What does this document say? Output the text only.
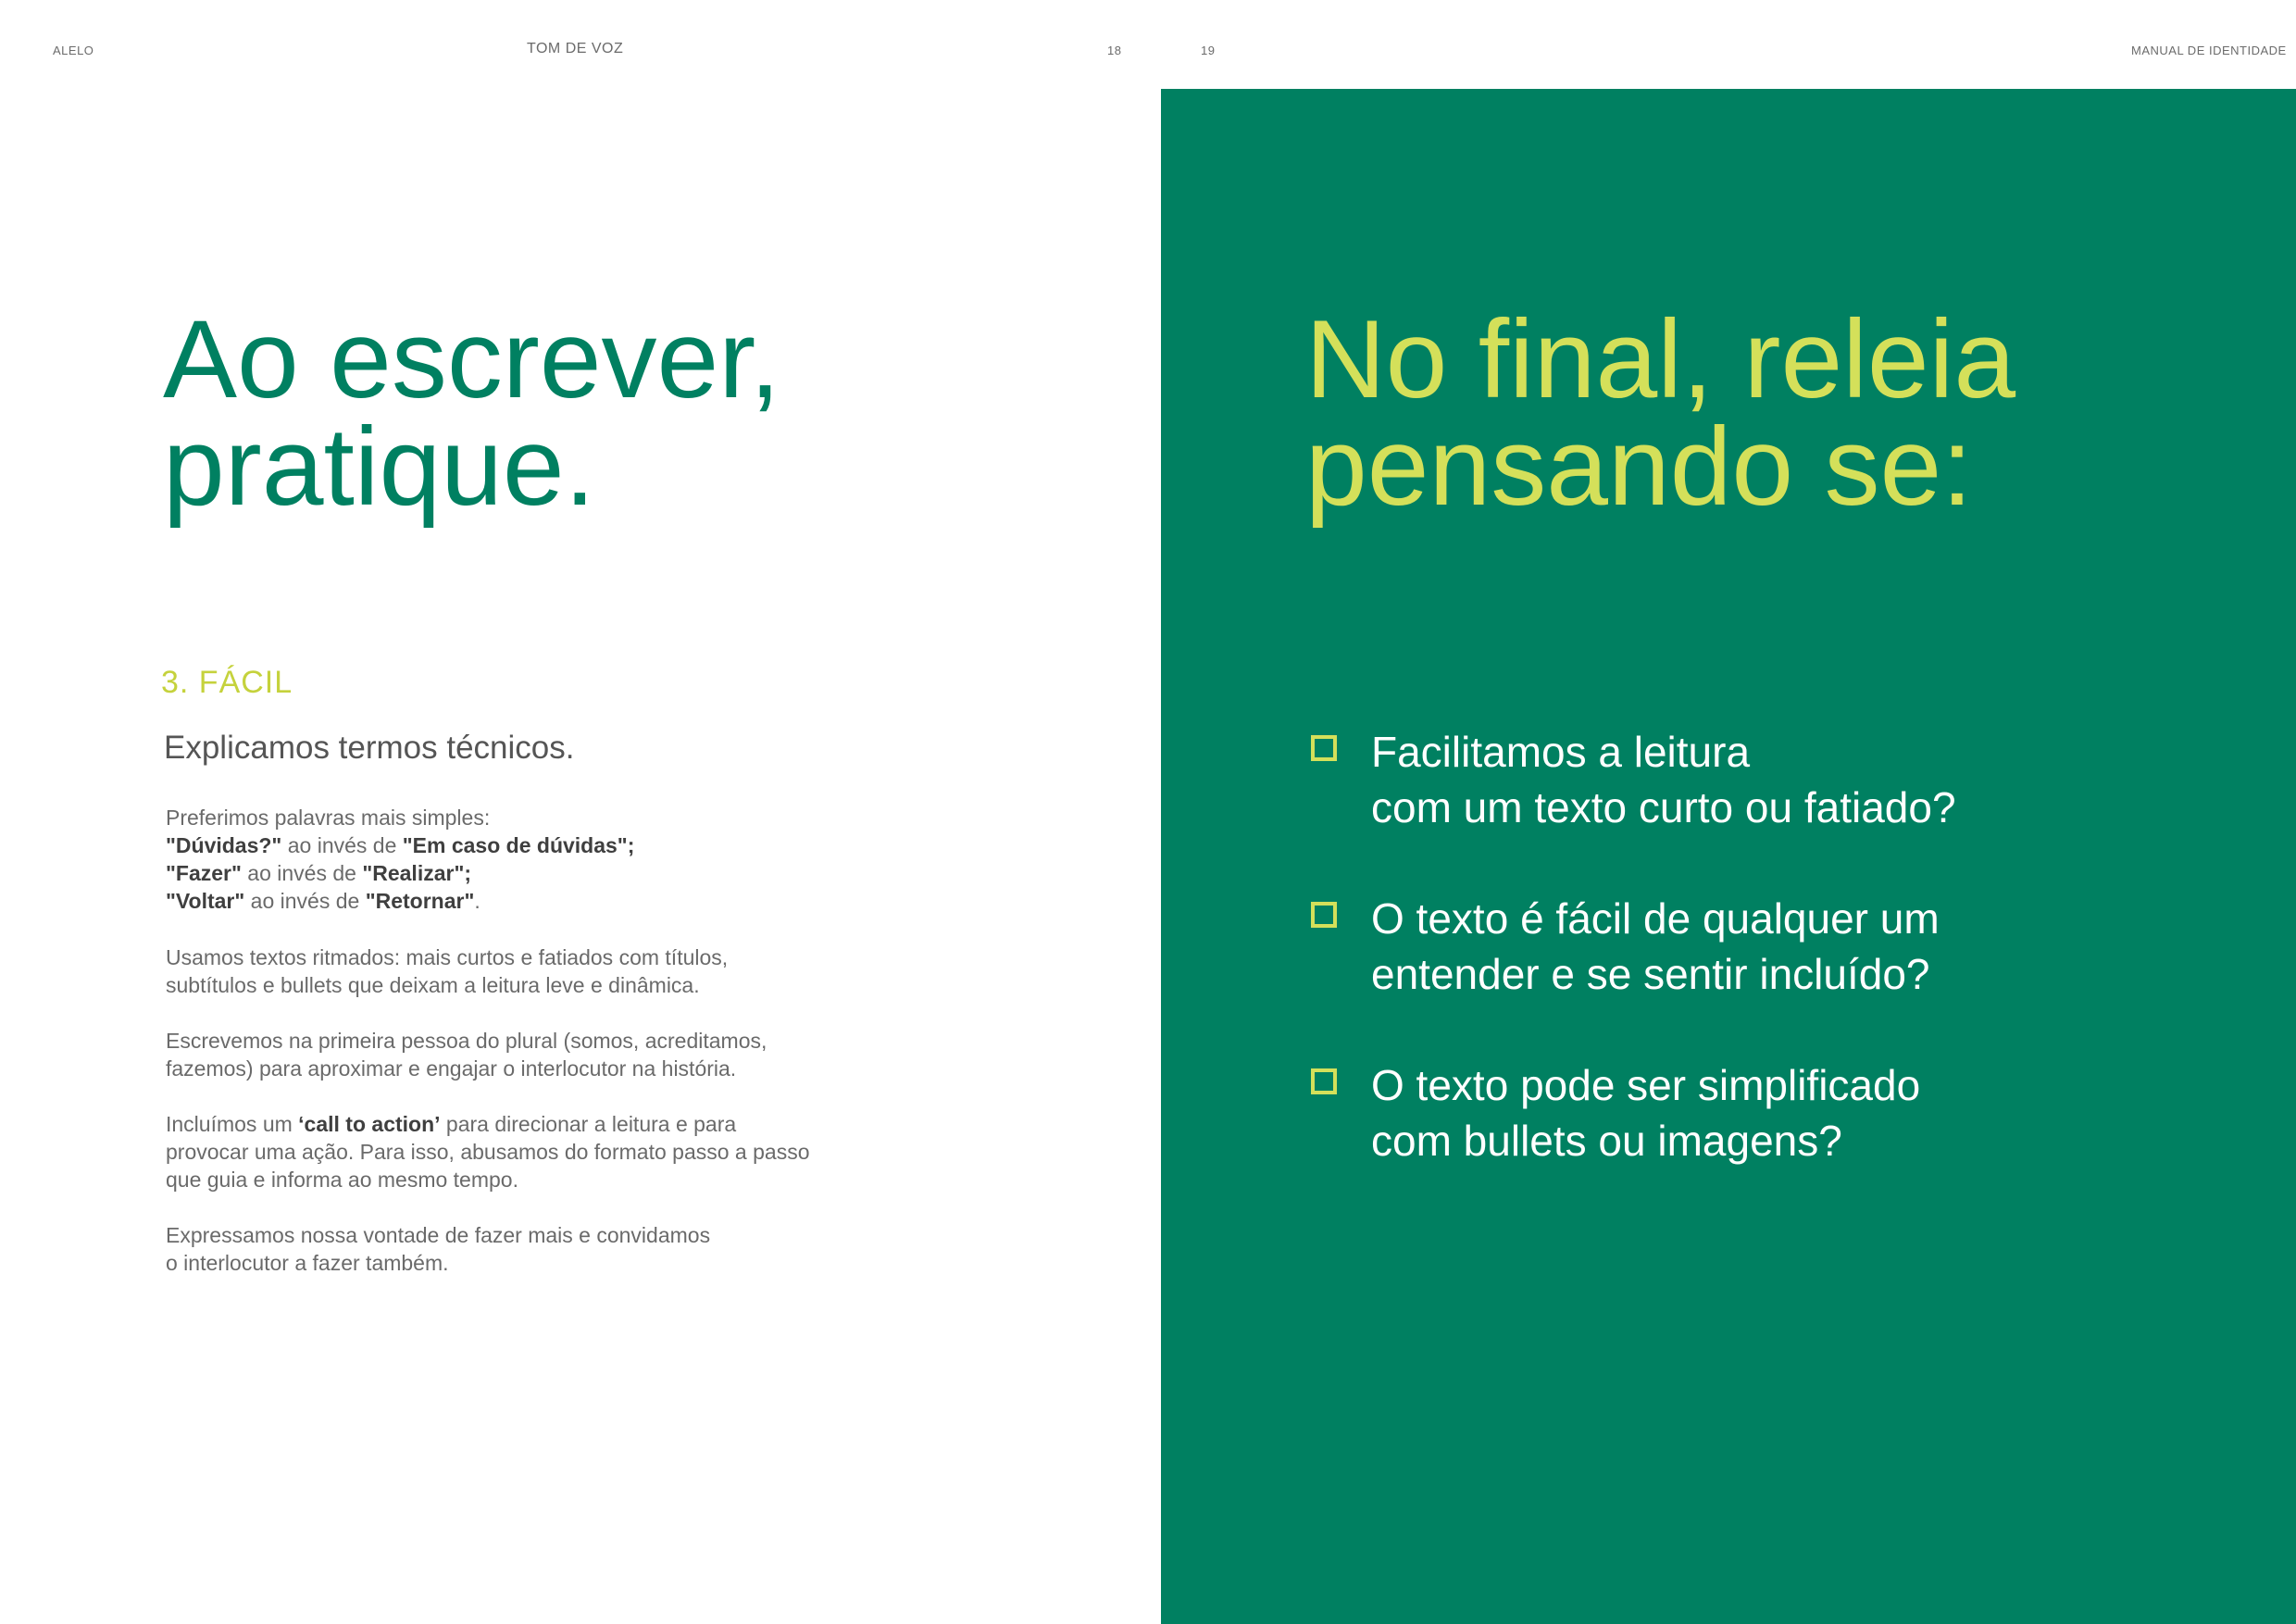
ALELO	TOM DE VOZ	18	19	MANUAL DE IDENTIDADE
Ao escrever,
pratique.
3. FÁCIL
Explicamos termos técnicos.
Preferimos palavras mais simples:
"Dúvidas?" ao invés de "Em caso de dúvidas";
"Fazer" ao invés de "Realizar";
"Voltar" ao invés de "Retornar".
Usamos textos ritmados: mais curtos e fatiados com títulos,
subtítulos e bullets que deixam a leitura leve e dinâmica.
Escrevemos na primeira pessoa do plural (somos, acreditamos,
fazemos) para aproximar e engajar o interlocutor na história.
Incluímos um ‘call to action’ para direcionar a leitura e para
provocar uma ação. Para isso, abusamos do formato passo a passo
que guia e informa ao mesmo tempo.
Expressamos nossa vontade de fazer mais e convidamos
o interlocutor a fazer também.
No final, releia
pensando se:
Facilitamos a leitura
com um texto curto ou fatiado?
O texto é fácil de qualquer um
entender e se sentir incluído?
O texto pode ser simplificado
com bullets ou imagens?
